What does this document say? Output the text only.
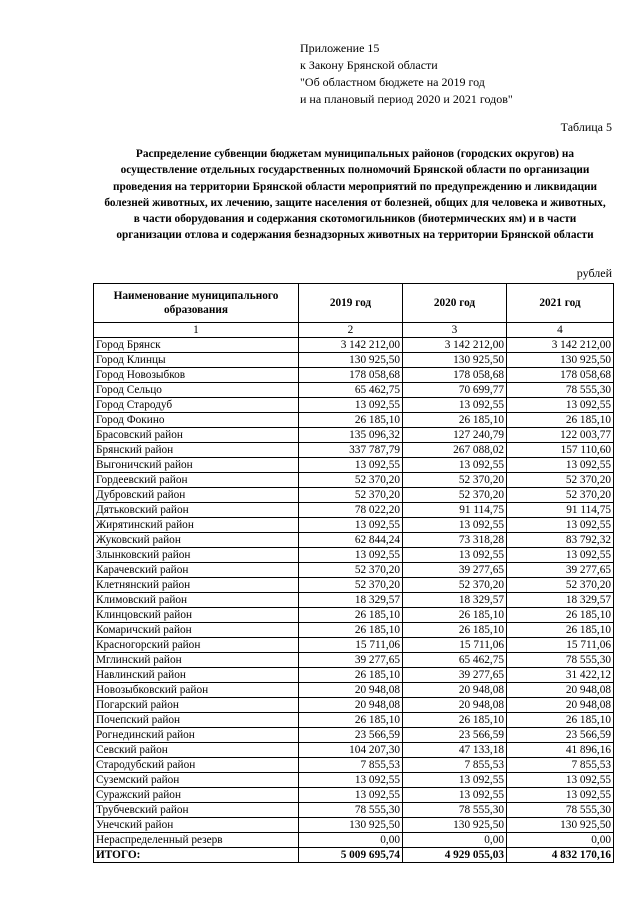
Приложение 15
к Закону Брянской области
"Об областном бюджете на 2019 год
и на плановый период 2020 и 2021 годов"
Таблица 5
Распределение субвенции бюджетам муниципальных районов (городских округов) на осуществление отдельных государственных полномочий Брянской области по организации проведения на территории Брянской области мероприятий по предупреждению и ликвидации болезней животных, их лечению, защите населения от болезней, общих для человека и животных, в части оборудования и содержания скотомогильников (биотермических ям) и в части организации отлова и содержания безнадзорных животных на территории Брянской области
рублей
Наименование муниципального образования	2019 год	2020 год	2021 год
1	2	3	4
Город Брянск	3 142 212,00	3 142 212,00	3 142 212,00
Город Клинцы	130 925,50	130 925,50	130 925,50
Город Новозыбков	178 058,68	178 058,68	178 058,68
Город Сельцо	65 462,75	70 699,77	78 555,30
Город Стародуб	13 092,55	13 092,55	13 092,55
Город Фокино	26 185,10	26 185,10	26 185,10
Брасовский район	135 096,32	127 240,79	122 003,77
Брянский район	337 787,79	267 088,02	157 110,60
Выгоничский район	13 092,55	13 092,55	13 092,55
Гордеевский район	52 370,20	52 370,20	52 370,20
Дубровский район	52 370,20	52 370,20	52 370,20
Дятьковский район	78 022,20	91 114,75	91 114,75
Жирятинский район	13 092,55	13 092,55	13 092,55
Жуковский район	62 844,24	73 318,28	83 792,32
Злынковский район	13 092,55	13 092,55	13 092,55
Карачевский район	52 370,20	39 277,65	39 277,65
Клетнянский район	52 370,20	52 370,20	52 370,20
Климовский район	18 329,57	18 329,57	18 329,57
Клинцовский район	26 185,10	26 185,10	26 185,10
Комаричский район	26 185,10	26 185,10	26 185,10
Красногорский район	15 711,06	15 711,06	15 711,06
Мглинский район	39 277,65	65 462,75	78 555,30
Навлинский район	26 185,10	39 277,65	31 422,12
Новозыбковский район	20 948,08	20 948,08	20 948,08
Погарский район	20 948,08	20 948,08	20 948,08
Почепский район	26 185,10	26 185,10	26 185,10
Рогнединский район	23 566,59	23 566,59	23 566,59
Севский район	104 207,30	47 133,18	41 896,16
Стародубский район	7 855,53	7 855,53	7 855,53
Суземский район	13 092,55	13 092,55	13 092,55
Суражский район	13 092,55	13 092,55	13 092,55
Трубчевский район	78 555,30	78 555,30	78 555,30
Унечский район	130 925,50	130 925,50	130 925,50
Нераспределенный резерв	0,00	0,00	0,00
ИТОГО:	5 009 695,74	4 929 055,03	4 832 170,16
